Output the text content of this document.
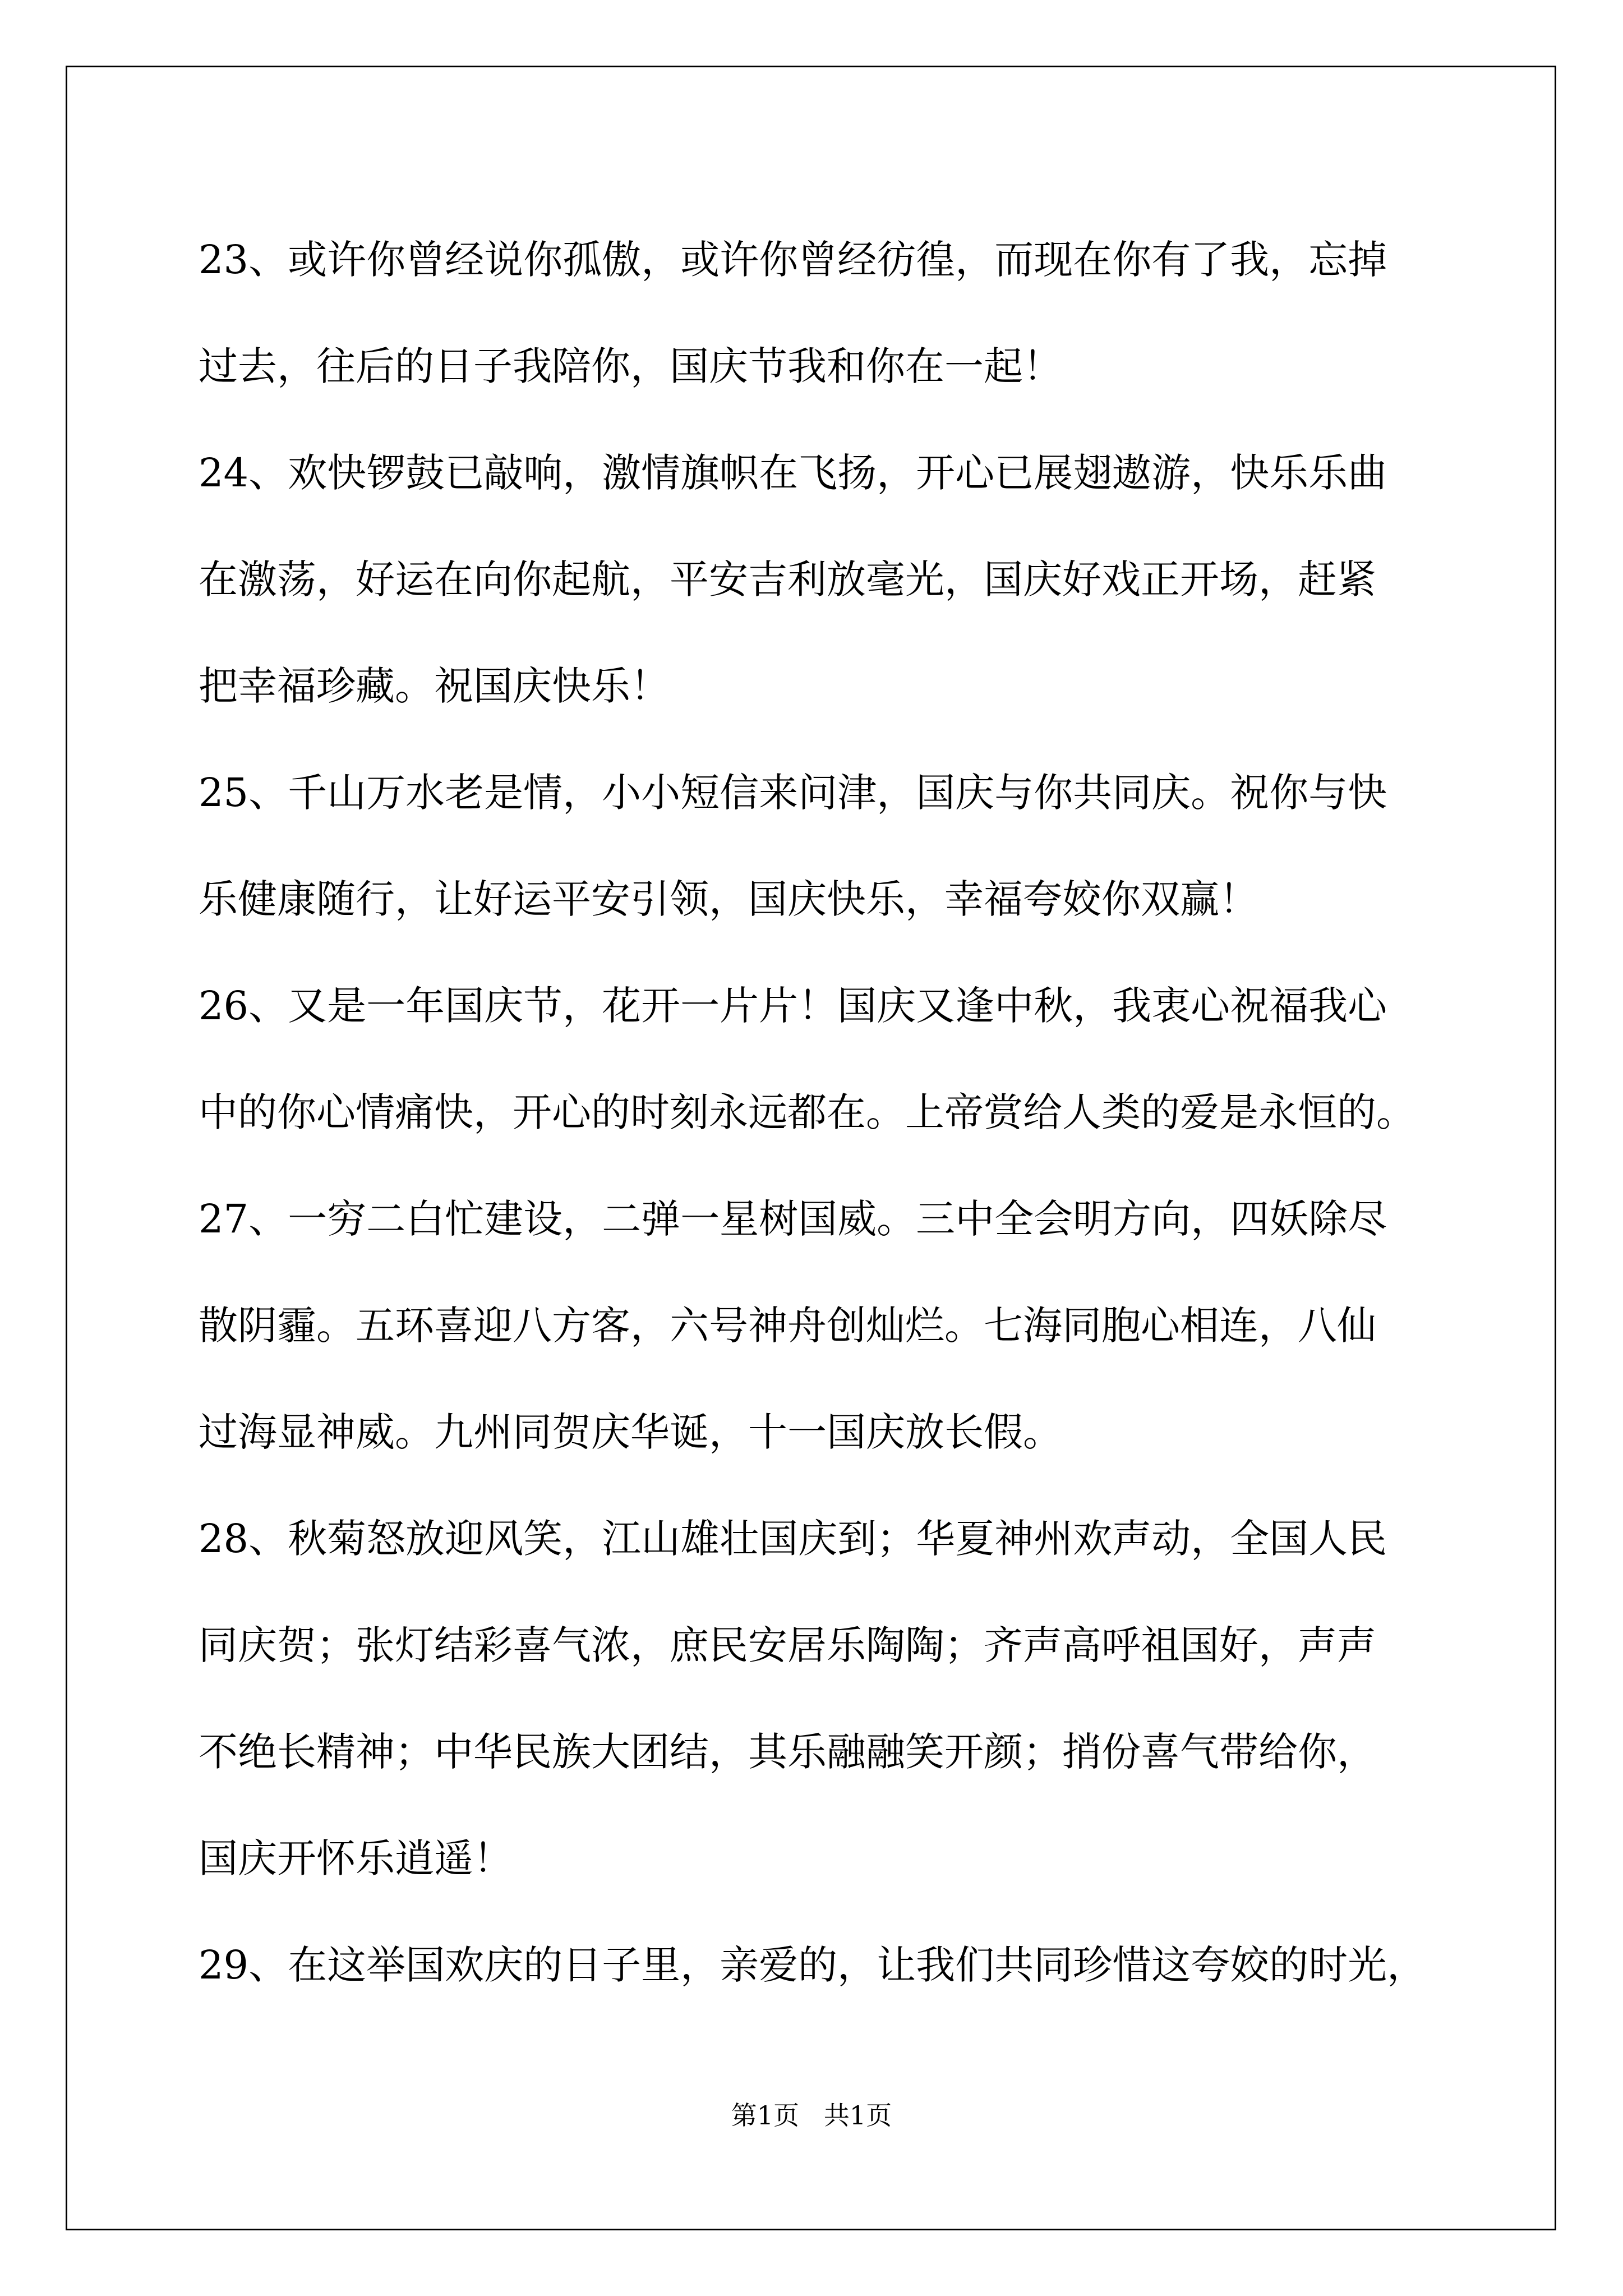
23、或许你曾经说你孤傲，或许你曾经彷徨，而现在你有了我，忘掉
过去，往后的日子我陪你，国庆节我和你在一起！
24、欢快锣鼓已敲响，激情旗帜在飞扬，开心已展翅遨游，快乐乐曲
在激荡，好运在向你起航，平安吉利放毫光，国庆好戏正开场，赶紧
把幸福珍藏。祝国庆快乐！
25、千山万水老是情，小小短信来问津，国庆与你共同庆。祝你与快
乐健康随行，让好运平安引领，国庆快乐，幸福夸姣你双赢！
26、又是一年国庆节，花开一片片！国庆又逢中秋，我衷心祝福我心
中的你心情痛快，开心的时刻永远都在。上帝赏给人类的爱是永恒的。
27、一穷二白忙建设，二弹一星树国威。三中全会明方向，四妖除尽
散阴霾。五环喜迎八方客，六号神舟创灿烂。七海同胞心相连，八仙
过海显神威。九州同贺庆华诞，十一国庆放长假。
28、秋菊怒放迎风笑，江山雄壮国庆到；华夏神州欢声动，全国人民
同庆贺；张灯结彩喜气浓，庶民安居乐陶陶；齐声高呼祖国好，声声
不绝长精神；中华民族大团结，其乐融融笑开颜；捎份喜气带给你，
国庆开怀乐逍遥！
29、在这举国欢庆的日子里，亲爱的，让我们共同珍惜这夸姣的时光，
第1页   共1页
